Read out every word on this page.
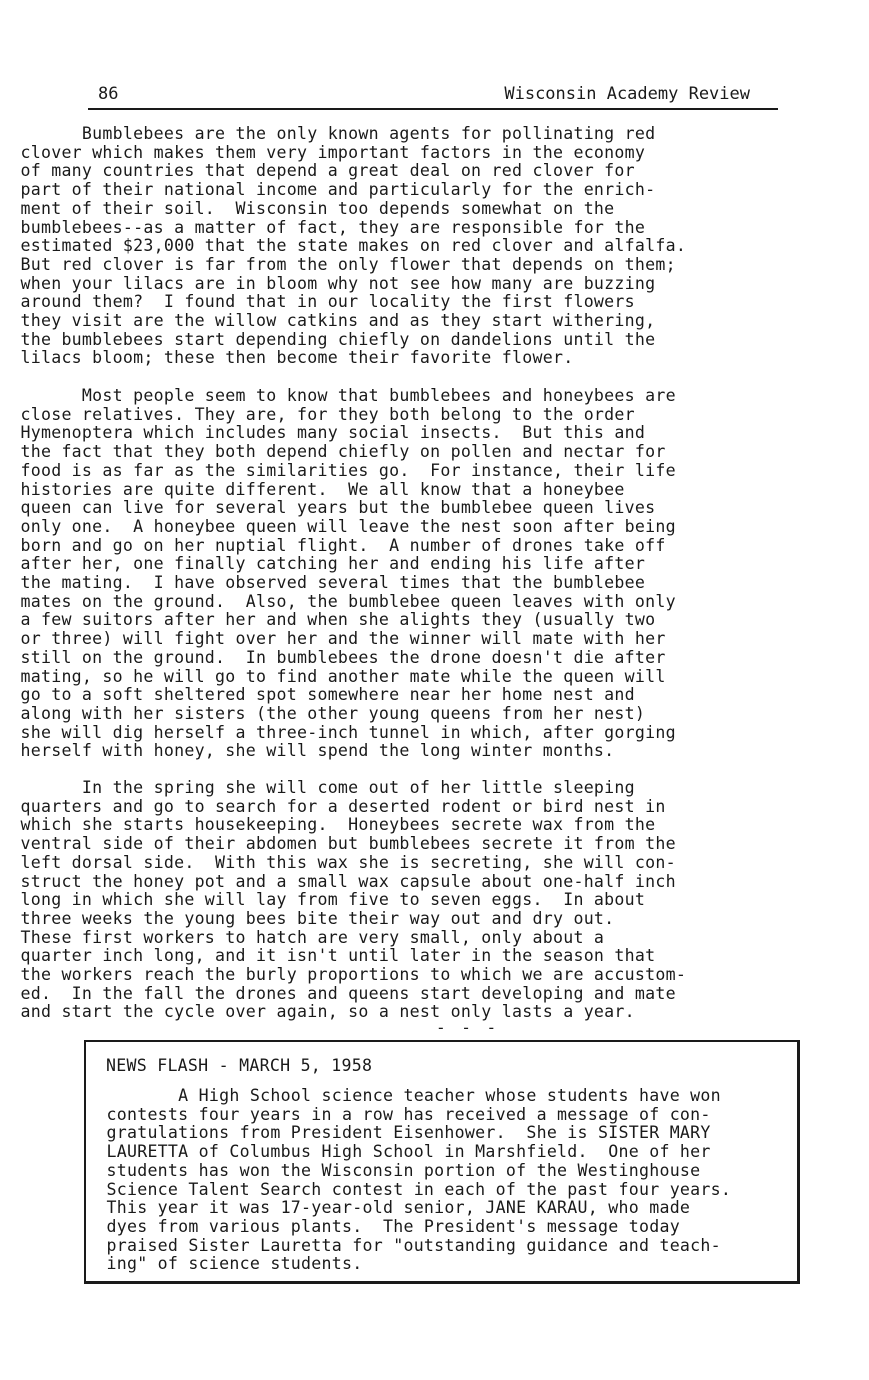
86	Wisconsin Academy Review
Bumblebees are the only known agents for pollinating red
clover which makes them very important factors in the economy
of many countries that depend a great deal on red clover for
part of their national income and particularly for the enrich-
ment of their soil.  Wisconsin too depends somewhat on the
bumblebees--as a matter of fact, they are responsible for the
estimated $23,000 that the state makes on red clover and alfalfa.
But red clover is far from the only flower that depends on them;
when your lilacs are in bloom why not see how many are buzzing
around them?  I found that in our locality the first flowers
they visit are the willow catkins and as they start withering,
the bumblebees start depending chiefly on dandelions until the
lilacs bloom; these then become their favorite flower.
Most people seem to know that bumblebees and honeybees are
close relatives. They are, for they both belong to the order
Hymenoptera which includes many social insects.  But this and
the fact that they both depend chiefly on pollen and nectar for
food is as far as the similarities go.  For instance, their life
histories are quite different.  We all know that a honeybee
queen can live for several years but the bumblebee queen lives
only one.  A honeybee queen will leave the nest soon after being
born and go on her nuptial flight.  A number of drones take off
after her, one finally catching her and ending his life after
the mating.  I have observed several times that the bumblebee
mates on the ground.  Also, the bumblebee queen leaves with only
a few suitors after her and when she alights they (usually two
or three) will fight over her and the winner will mate with her
still on the ground.  In bumblebees the drone doesn't die after
mating, so he will go to find another mate while the queen will
go to a soft sheltered spot somewhere near her home nest and
along with her sisters (the other young queens from her nest)
she will dig herself a three-inch tunnel in which, after gorging
herself with honey, she will spend the long winter months.
In the spring she will come out of her little sleeping
quarters and go to search for a deserted rodent or bird nest in
which she starts housekeeping.  Honeybees secrete wax from the
ventral side of their abdomen but bumblebees secrete it from the
left dorsal side.  With this wax she is secreting, she will con-
struct the honey pot and a small wax capsule about one-half inch
long in which she will lay from five to seven eggs.  In about
three weeks the young bees bite their way out and dry out.
These first workers to hatch are very small, only about a
quarter inch long, and it isn't until later in the season that
the workers reach the burly proportions to which we are accustom-
ed.  In the fall the drones and queens start developing and mate
and start the cycle over again, so a nest only lasts a year.
- - -
NEWS FLASH - MARCH 5, 1958
A High School science teacher whose students have won
contests four years in a row has received a message of con-
gratulations from President Eisenhower.  She is SISTER MARY
LAURETTA of Columbus High School in Marshfield.  One of her
students has won the Wisconsin portion of the Westinghouse
Science Talent Search contest in each of the past four years.
This year it was 17-year-old senior, JANE KARAU, who made
dyes from various plants.  The President's message today
praised Sister Lauretta for "outstanding guidance and teach-
ing" of science students.
